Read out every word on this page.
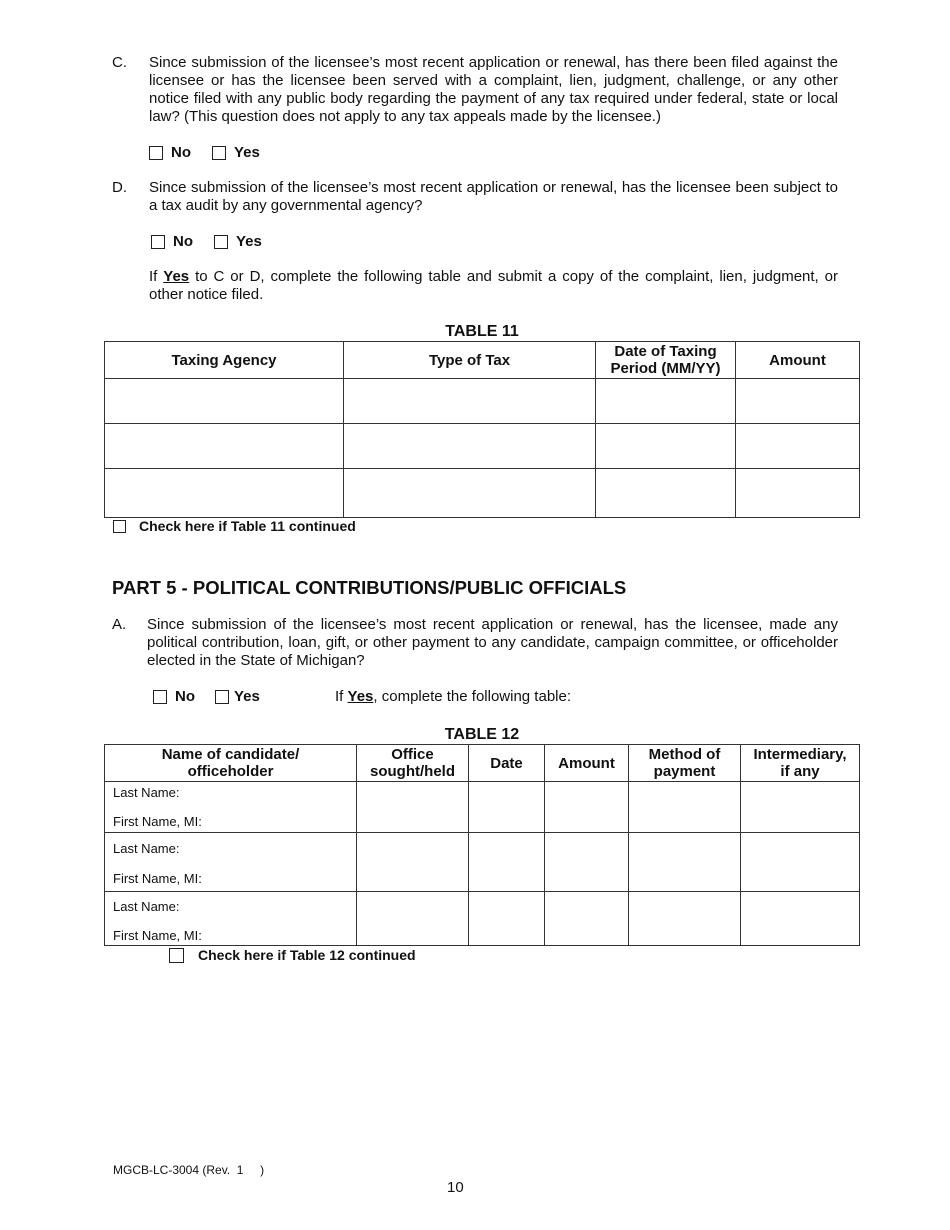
C. Since submission of the licensee’s most recent application or renewal, has there been filed against the licensee or has the licensee been served with a complaint, lien, judgment, challenge, or any other notice filed with any public body regarding the payment of any tax required under federal, state or local law? (This question does not apply to any tax appeals made by the licensee.)
No	Yes
D. Since submission of the licensee’s most recent application or renewal, has the licensee been subject to a tax audit by any governmental agency?
No	Yes
If Yes to C or D, complete the following table and submit a copy of the complaint, lien, judgment, or other notice filed.
TABLE 11
Taxing Agency	Type of Tax	Date of Taxing Period (MM/YY)	Amount

Check here if Table 11 continued
PART 5 - POLITICAL CONTRIBUTIONS/PUBLIC OFFICIALS
A. Since submission of the licensee’s most recent application or renewal, has the licensee, made any political contribution, loan, gift, or other payment to any candidate, campaign committee, or officeholder elected in the State of Michigan?
No	Yes	If Yes, complete the following table:
TABLE 12
Name of candidate/ officeholder	Office sought/held	Date	Amount	Method of payment	Intermediary, if any

Last Name:
First Name, MI:					

Last Name:
First Name, MI:					

Last Name:
First Name, MI:					

Check here if Table 12 continued
MGCB-LC-3004 (Rev.  1     )
10
